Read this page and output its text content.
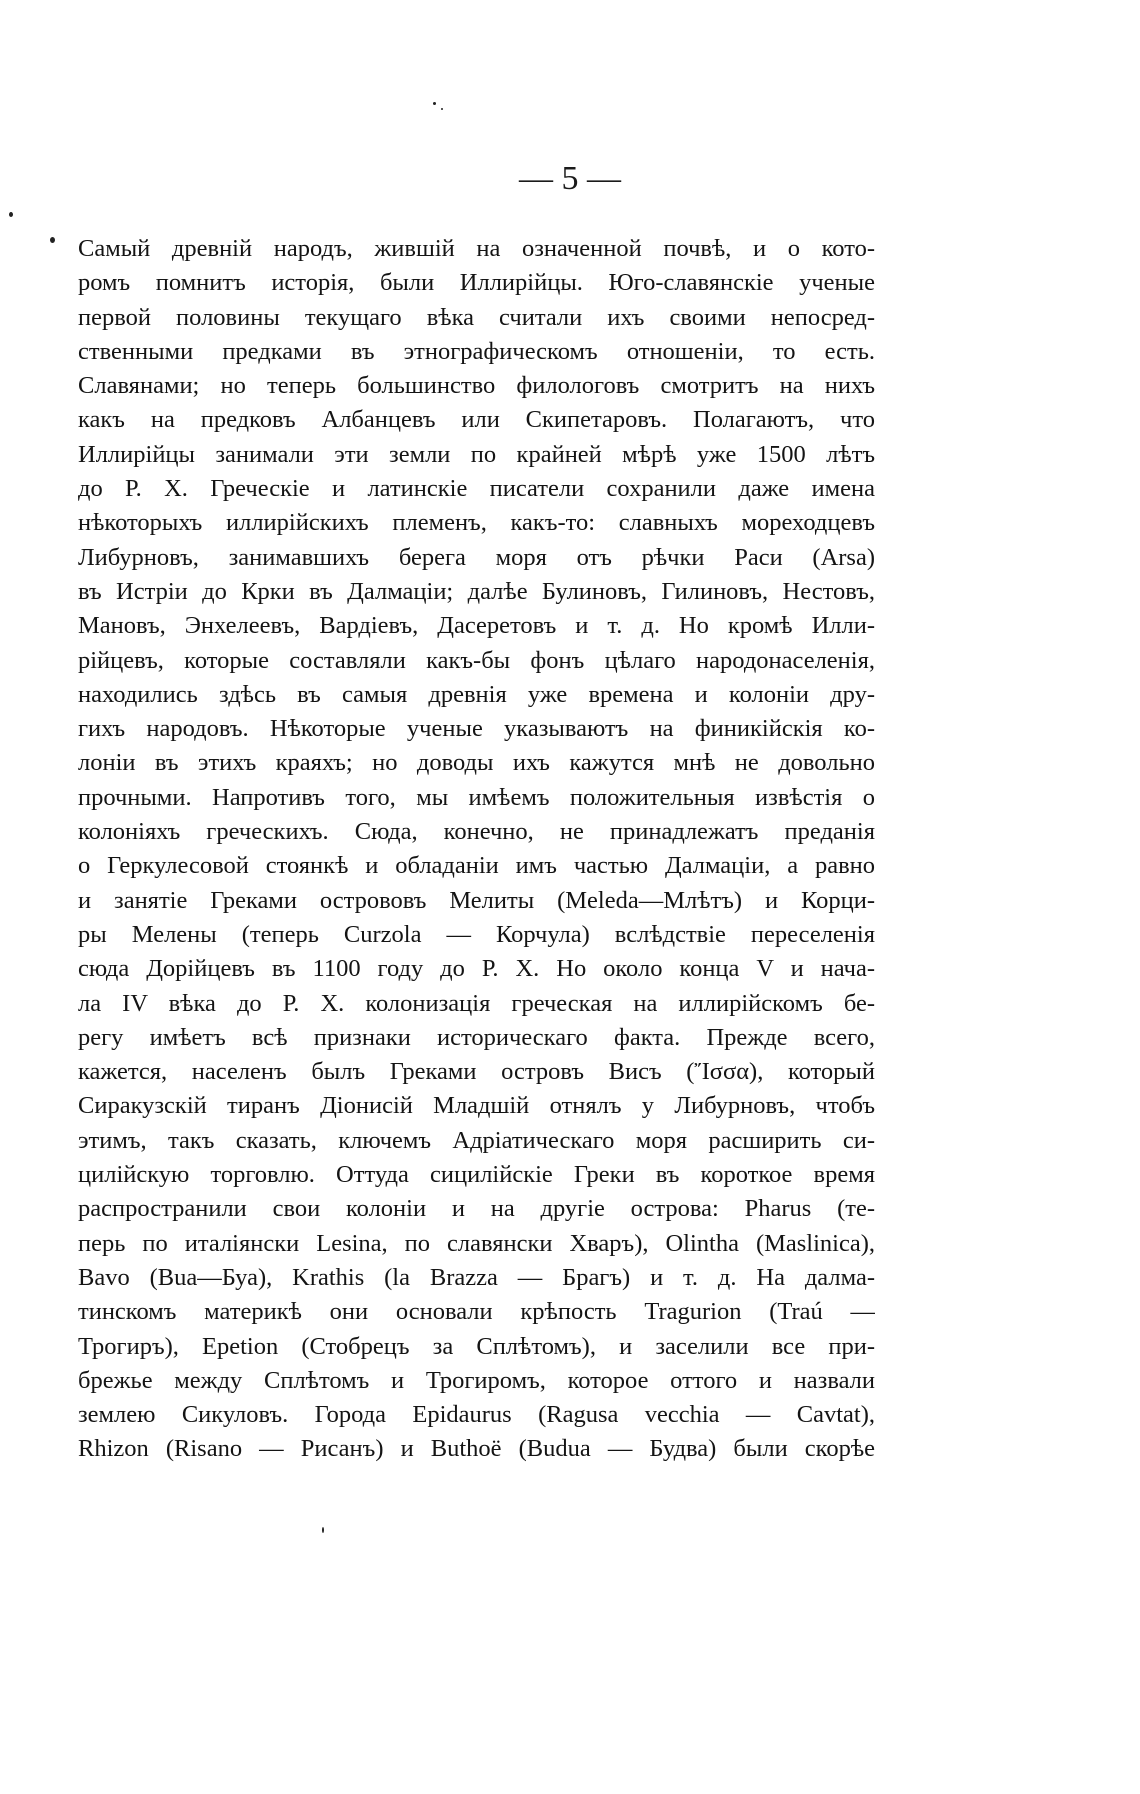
— 5 —
Самый древній народъ, жившій на означенной почвѣ, и о кото-
ромъ помнитъ исторія, были Иллирійцы. Юго-славянскіе ученые
первой половины текущаго вѣка считали ихъ своими непосред-
ственными предками въ этнографическомъ отношеніи, то есть.
Славянами; но теперь большинство филологовъ смотритъ на нихъ
какъ на предковъ Албанцевъ или Скипетаровъ. Полагаютъ, что
Иллирійцы занимали эти земли по крайней мѣрѣ уже 1500 лѣтъ
до Р. Х. Греческіе и латинскіе писатели сохранили даже имена
нѣкоторыхъ иллирійскихъ племенъ, какъ-то: славныхъ мореходцевъ
Либурновъ, занимавшихъ берега моря отъ рѣчки Раси (Arsa)
въ Истріи до Крки въ Далмаціи; далѣе Булиновъ, Гилиновъ, Нестовъ,
Мановъ, Энхелеевъ, Вардіевъ, Дасеретовъ и т. д. Но кромѣ Илли-
рійцевъ, которые составляли какъ-бы фонъ цѣлаго народонаселенія,
находились здѣсь въ самыя древнія уже времена и колоніи дру-
гихъ народовъ. Нѣкоторые ученые указываютъ на финикійскія ко-
лоніи въ этихъ краяхъ; но доводы ихъ кажутся мнѣ не довольно
прочными. Напротивъ того, мы имѣемъ положительныя извѣстія о
колоніяхъ греческихъ. Сюда, конечно, не принадлежатъ преданія
о Геркулесовой стоянкѣ и обладаніи имъ частью Далмаціи, а равно
и занятіе Греками острововъ Мелиты (Meleda—Млѣтъ) и Корци-
ры Мелены (теперь Curzola — Корчула) вслѣдствіе переселенія
сюда Дорійцевъ въ 1100 году до Р. Х. Но около конца V и нача-
ла IV вѣка до Р. Х. колонизація греческая на иллирійскомъ бе-
регу имѣетъ всѣ признаки историческаго факта. Прежде всего,
кажется, населенъ былъ Греками островъ Висъ (Ἴσσα), который
Сиракузскій тиранъ Діонисій Младшій отнялъ у Либурновъ, чтобъ
этимъ, такъ сказать, ключемъ Адріатическаго моря расширить си-
цилійскую торговлю. Оттуда сицилійскіе Греки въ короткое время
распространили свои колоніи и на другіе острова: Pharus (те-
перь по италіянски Lesina, по славянски Хваръ), Olintha (Maslinica),
Bavo (Bua—Буа), Krathis (la Brazza — Брагъ) и т. д. На далма-
тинскомъ материкѣ они основали крѣпость Tragurion (Traú —
Трогиръ), Epetion (Стобрецъ за Сплѣтомъ), и заселили все при-
брежье между Сплѣтомъ и Трогиромъ, которое оттого и назвали
землею Сикуловъ. Города Epidaurus (Ragusa vecchia — Cavtat),
Rhizon (Risano — Рисанъ) и Buthoë (Budua — Будва) были скорѣе
